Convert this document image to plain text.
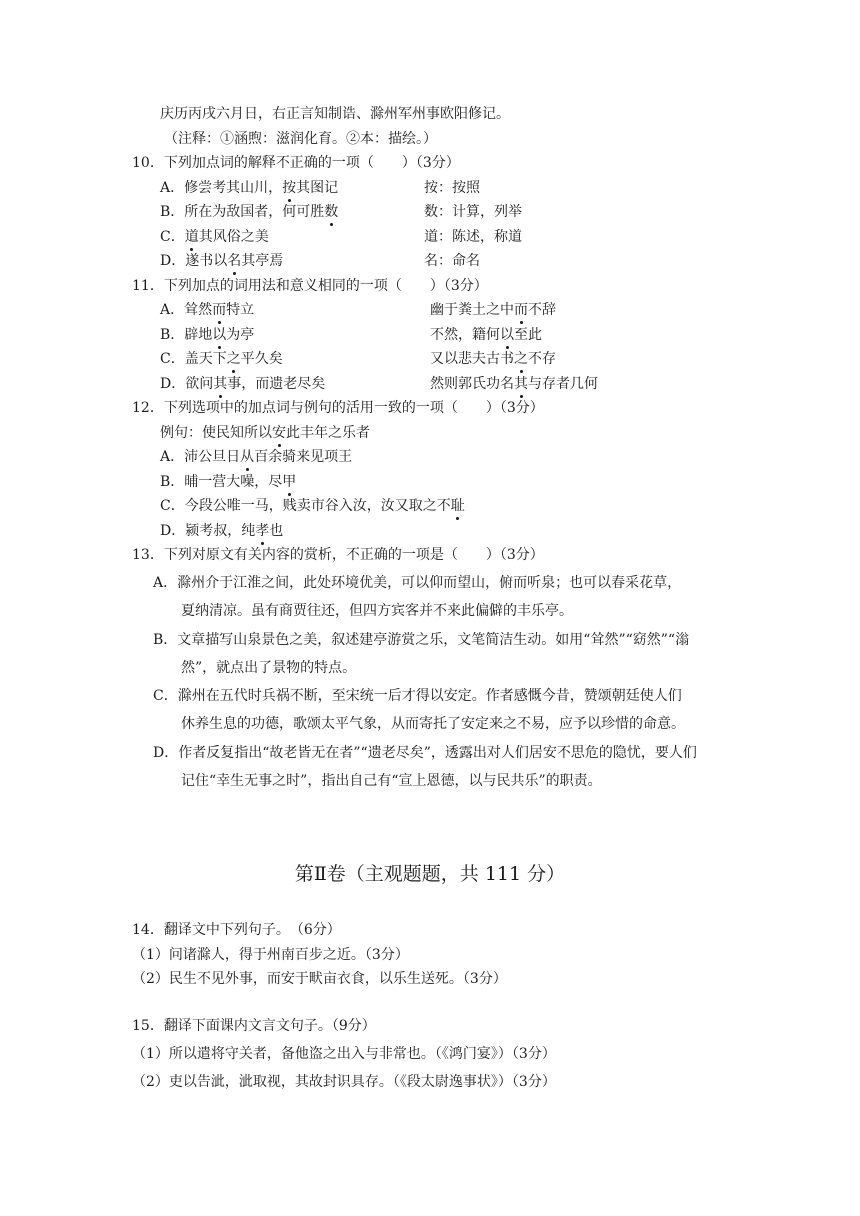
庆历丙戌六月日，右正言知制诰、滁州军州事欧阳修记。
（注释：①涵煦：滋润化育。②本：描绘。）
10．下列加点词的解释不正确的一项（　　）（3分）
A．修尝考其山川，按其图记	按：按照
B．所在为敌国者，何可胜数	数：计算，列举
C．道其风俗之美	道：陈述，称道
D．遂书以名其亭焉	名：命名
11．下列加点的词用法和意义相同的一项（　　）（3分）
A．耸然而特立	幽于粪土之中而不辞
B．辟地以为亭	不然，籍何以至此
C．盖天下之平久矣	又以悲夫古书之不存
D．欲问其事，而遗老尽矣	然则郭氏功名其与存者几何
12．下列选项中的加点词与例句的活用一致的一项（　　）（3分）
例句：使民知所以安此丰年之乐者
A．沛公旦日从百余骑来见项王
B．晡一营大噪，尽甲
C．今段公唯一马，贱卖市谷入汝，汝又取之不耻
D．颍考叔，纯孝也
13．下列对原文有关内容的赏析，不正确的一项是（　　）（3分）
A．滁州介于江淮之间，此处环境优美，可以仰而望山，俯而听泉；也可以春采花草，
夏纳清凉。虽有商贾往还，但四方宾客并不来此偏僻的丰乐亭。
B．文章描写山泉景色之美，叙述建亭游赏之乐，文笔简洁生动。如用“耸然”“窈然”“滃
然”，就点出了景物的特点。
C．滁州在五代时兵祸不断，至宋统一后才得以安定。作者感慨今昔，赞颂朝廷使人们
休养生息的功德，歌颂太平气象，从而寄托了安定来之不易，应予以珍惜的命意。
D．作者反复指出“故老皆无在者”“遗老尽矣”，透露出对人们居安不思危的隐忧，要人们
记住“幸生无事之时”，指出自己有“宣上恩德，以与民共乐”的职责。
第Ⅱ卷（主观题题，共 111 分）
14．翻译文中下列句子。　（6分）
（1）问诸滁人，得于州南百步之近。（3分）
（2）民生不见外事，而安于畎亩衣食，以乐生送死。（3分）
15．翻译下面课内文言文句子。（9分）
（1）所以遣将守关者，备他盗之出入与非常也。（《鸿门宴》）（3分）
（2）吏以告泚，泚取视，其故封识具存。（《段太尉逸事状》）（3分）
